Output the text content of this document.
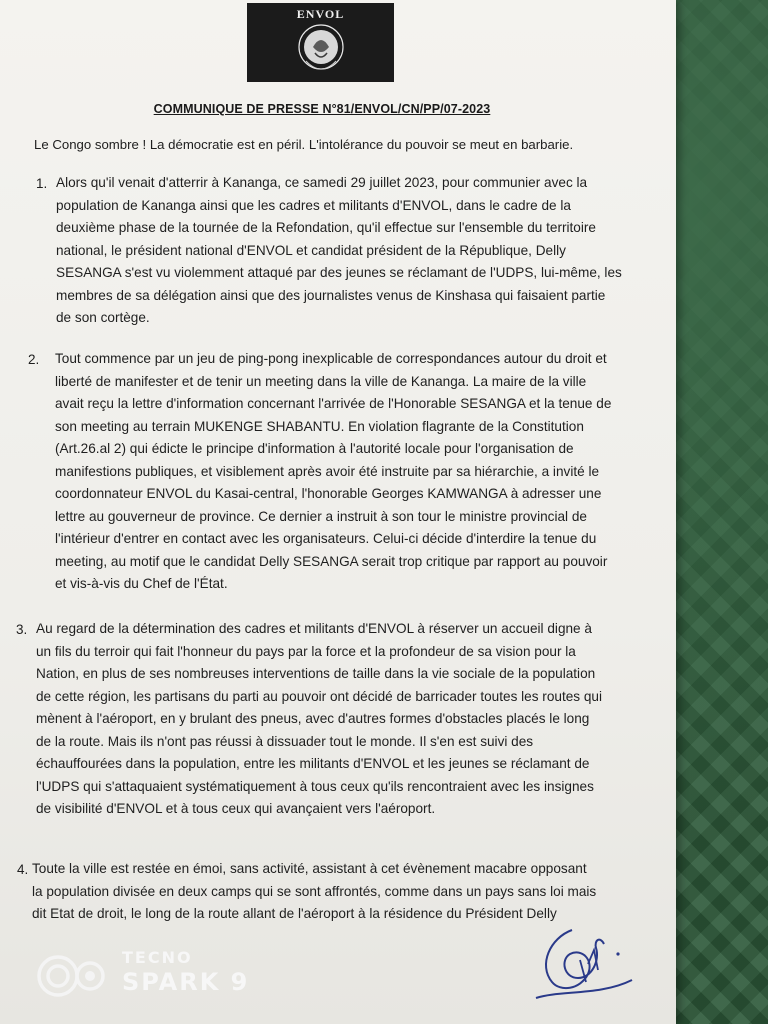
ENVOL
COMMUNIQUE DE PRESSE N°81/ENVOL/CN/PP/07-2023
Le Congo sombre ! La démocratie est en péril. L'intolérance du pouvoir se meut en barbarie.
1. Alors qu'il venait d'atterrir à Kananga, ce samedi 29 juillet 2023, pour communier avec la
population de Kananga ainsi que les cadres et militants d'ENVOL, dans le cadre de la
deuxième phase de la tournée de la Refondation, qu'il effectue sur l'ensemble du territoire
national, le président national d'ENVOL et candidat président de la République, Delly
SESANGA s'est vu violemment attaqué par des jeunes se réclamant de l'UDPS, lui-même, les
membres de sa délégation ainsi que des journalistes venus de Kinshasa qui faisaient partie
de son cortège.
2. Tout commence par un jeu de ping-pong inexplicable de correspondances autour du droit et
liberté de manifester et de tenir un meeting dans la ville de Kananga. La maire de la ville
avait reçu la lettre d'information concernant l'arrivée de l'Honorable SESANGA et la tenue de
son meeting au terrain MUKENGE SHABANTU. En violation flagrante de la Constitution
(Art.26.al 2) qui édicte le principe d'information à l'autorité locale pour l'organisation de
manifestions publiques, et visiblement après avoir été instruite par sa hiérarchie, a invité le
coordonnateur ENVOL du Kasai-central, l'honorable Georges KAMWANGA à adresser une
lettre au gouverneur de province. Ce dernier a instruit à son tour le ministre provincial de
l'intérieur d'entrer en contact avec les organisateurs. Celui-ci décide d'interdire la tenue du
meeting, au motif que le candidat Delly SESANGA serait trop critique par rapport au pouvoir
et vis-à-vis du Chef de l'État.
3. Au regard de la détermination des cadres et militants d'ENVOL à réserver un accueil digne à
un fils du terroir qui fait l'honneur du pays par la force et la profondeur de sa vision pour la
Nation, en plus de ses nombreuses interventions de taille dans la vie sociale de la population
de cette région, les partisans du parti au pouvoir ont décidé de barricader toutes les routes qui
mènent à l'aéroport, en y brulant des pneus, avec d'autres formes d'obstacles placés le long
de la route. Mais ils n'ont pas réussi à dissuader tout le monde. Il s'en est suivi des
échauffourées dans la population, entre les militants d'ENVOL et les jeunes se réclamant de
l'UDPS qui s'attaquaient systématiquement à tous ceux qu'ils rencontraient avec les insignes
de visibilité d'ENVOL et à tous ceux qui avançaient vers l'aéroport.
4. Toute la ville est restée en émoi, sans activité, assistant à cet évènement macabre opposant
la population divisée en deux camps qui se sont affrontés, comme dans un pays sans loi mais
dit Etat de droit, le long de la route allant de l'aéroport à la résidence du Président Delly
TECNO
SPARK 9
